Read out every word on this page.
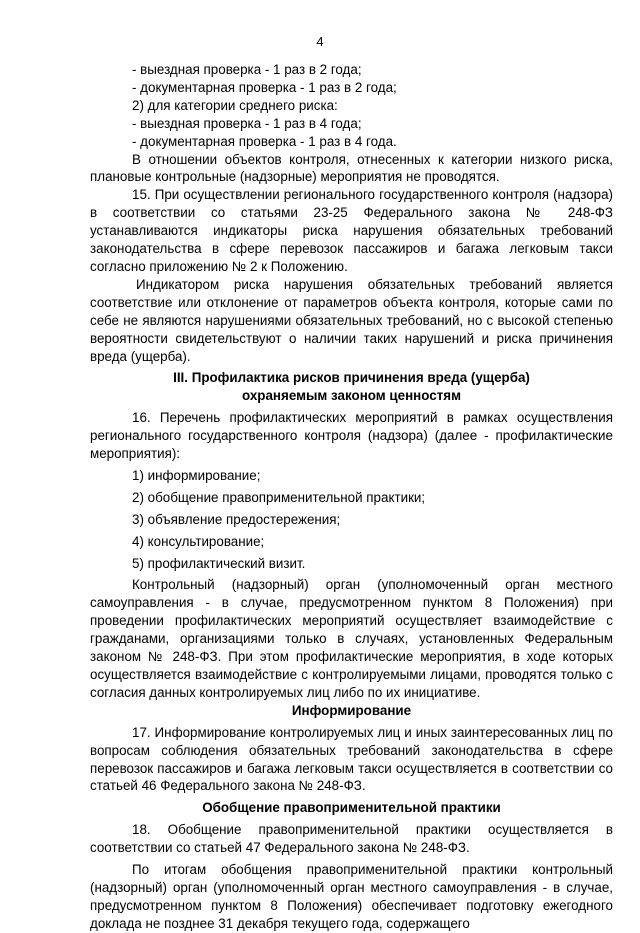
4

- выездная проверка - 1 раз в 2 года;

- документарная проверка - 1 раз в 2 года;

2) для категории среднего риска:

- выездная проверка - 1 раз в 4 года;

- документарная проверка - 1 раз в 4 года.

В отношении объектов контроля, отнесенных к категории низкого риска, плановые контрольные (надзорные) мероприятия не проводятся.

15. При осуществлении регионального государственного контроля (надзора) в соответствии со статьями 23-25 Федерального закона № 248-ФЗ устанавливаются индикаторы риска нарушения обязательных требований законодательства в сфере перевозок пассажиров и багажа легковым такси согласно приложению № 2 к Положению.

Индикатором риска нарушения обязательных требований является соответствие или отклонение от параметров объекта контроля, которые сами по себе не являются нарушениями обязательных требований, но с высокой степенью вероятности свидетельствуют о наличии таких нарушений и риска причинения вреда (ущерба).

III. Профилактика рисков причинения вреда (ущерба)

охраняемым законом ценностям

16. Перечень профилактических мероприятий в рамках осуществления регионального государственного контроля (надзора) (далее - профилактические мероприятия):

1) информирование;

2) обобщение правоприменительной практики;

3) объявление предостережения;

4) консультирование;

5) профилактический визит.

Контрольный (надзорный) орган (уполномоченный орган местного самоуправления - в случае, предусмотренном пунктом 8 Положения) при проведении профилактических мероприятий осуществляет взаимодействие с гражданами, организациями только в случаях, установленных Федеральным законом № 248-ФЗ. При этом профилактические мероприятия, в ходе которых осуществляется взаимодействие с контролируемыми лицами, проводятся только с согласия данных контролируемых лиц либо по их инициативе.

Информирование

17. Информирование контролируемых лиц и иных заинтересованных лиц по вопросам соблюдения обязательных требований законодательства в сфере перевозок пассажиров и багажа легковым такси осуществляется в соответствии со статьей 46 Федерального закона № 248-ФЗ.

Обобщение правоприменительной практики

18. Обобщение правоприменительной практики осуществляется в соответствии со статьей 47 Федерального закона № 248-ФЗ.

По итогам обобщения правоприменительной практики контрольный (надзорный) орган (уполномоченный орган местного самоуправления - в случае, предусмотренном пунктом 8 Положения) обеспечивает подготовку ежегодного доклада не позднее 31 декабря текущего года, содержащего
